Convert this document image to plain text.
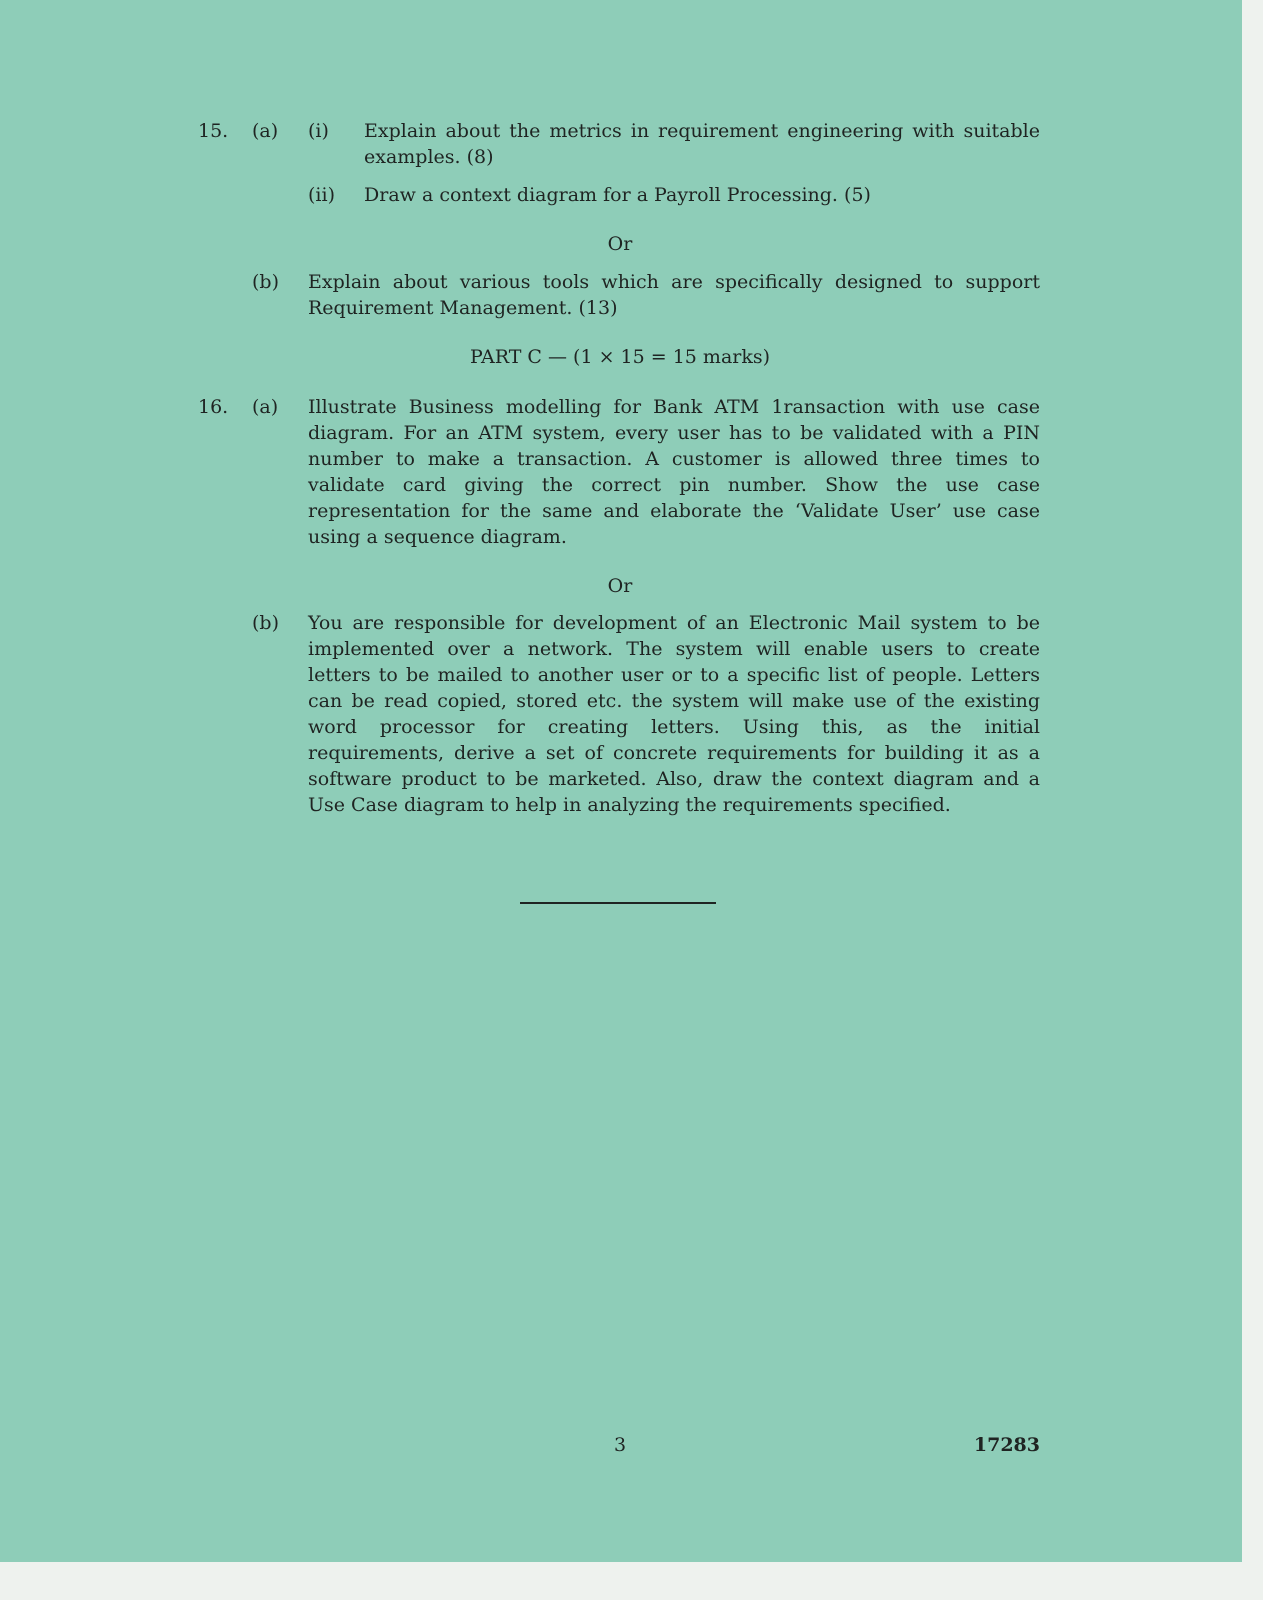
15. (a) (i) Explain about the metrics in requirement engineering with suitable
examples. (8)
(ii) Draw a context diagram for a Payroll Processing. (5)
Or
(b) Explain about various tools which are specifically designed to support
Requirement Management. (13)
PART C — (1 × 15 = 15 marks)
16. (a) Illustrate Business modelling for Bank ATM 1ransaction with use case
diagram. For an ATM system, every user has to be validated with a PIN
number to make a transaction. A customer is allowed three times to
validate card giving the correct pin number. Show the use case
representation for the same and elaborate the ‘Validate User’ use case
using a sequence diagram.
Or
(b) You are responsible for development of an Electronic Mail system to be
implemented over a network. The system will enable users to create
letters to be mailed to another user or to a specific list of people. Letters
can be read copied, stored etc. the system will make use of the existing
word processor for creating letters. Using this, as the initial
requirements, derive a set of concrete requirements for building it as a
software product to be marketed. Also, draw the context diagram and a
Use Case diagram to help in analyzing the requirements specified.
3	17283
